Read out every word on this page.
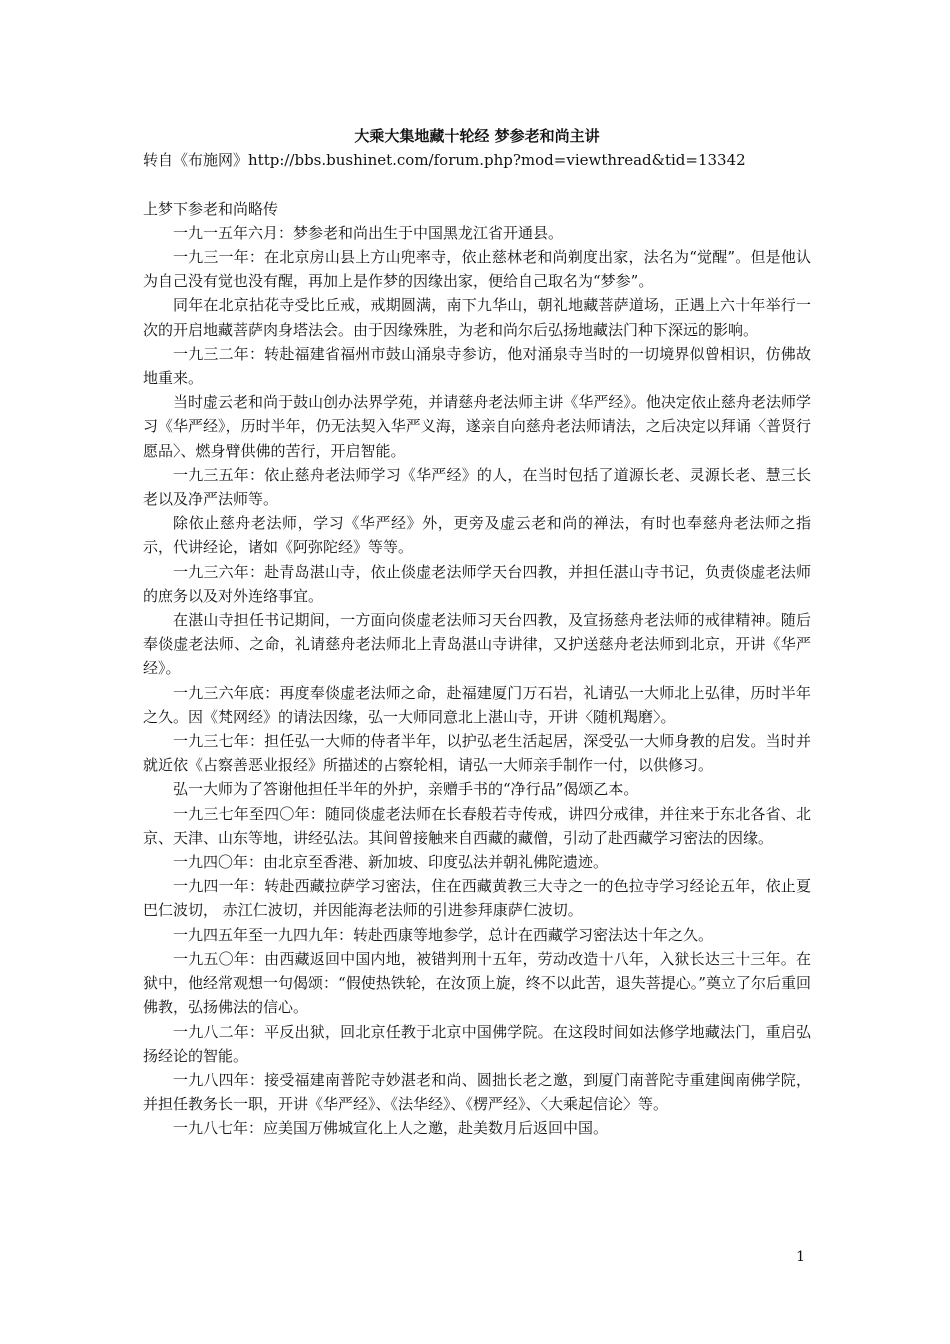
大乘大集地藏十轮经 梦参老和尚主讲

转自《布施网》http://bbs.bushinet.com/forum.php?mod=viewthread&tid=13342

上梦下参老和尚略传

一九一五年六月：梦参老和尚出生于中国黑龙江省开通县。

一九三一年：在北京房山县上方山兜率寺，依止慈林老和尚剃度出家，法名为“觉醒”。但是他认为自己没有觉也没有醒，再加上是作梦的因缘出家，便给自己取名为“梦参”。

同年在北京拈花寺受比丘戒，戒期圆满，南下九华山，朝礼地藏菩萨道场，正遇上六十年举行一次的开启地藏菩萨肉身塔法会。由于因缘殊胜，为老和尚尔后弘扬地藏法门种下深远的影响。

一九三二年：转赴福建省福州市鼓山涌泉寺参访，他对涌泉寺当时的一切境界似曾相识，仿佛故地重来。

当时虚云老和尚于鼓山创办法界学苑，并请慈舟老法师主讲《华严经》。他决定依止慈舟老法师学习《华严经》，历时半年，仍无法契入华严义海，遂亲自向慈舟老法师请法，之后决定以拜诵〈普贤行愿品〉、燃身臂供佛的苦行，开启智能。

一九三五年：依止慈舟老法师学习《华严经》的人，在当时包括了道源长老、灵源长老、慧三长老以及净严法师等。

除依止慈舟老法师，学习《华严经》外，更旁及虚云老和尚的禅法，有时也奉慈舟老法师之指示，代讲经论，诸如《阿弥陀经》等等。

一九三六年：赴青岛湛山寺，依止倓虚老法师学天台四教，并担任湛山寺书记，负责倓虚老法师的庶务以及对外连络事宜。

在湛山寺担任书记期间，一方面向倓虚老法师习天台四教，及宣扬慈舟老法师的戒律精神。随后奉倓虚老法师、之命，礼请慈舟老法师北上青岛湛山寺讲律，又护送慈舟老法师到北京，开讲《华严经》。

一九三六年底：再度奉倓虚老法师之命，赴福建厦门万石岩，礼请弘一大师北上弘律，历时半年之久。因《梵网经》的请法因缘，弘一大师同意北上湛山寺，开讲〈随机羯磨〉。

一九三七年：担任弘一大师的侍者半年，以护弘老生活起居，深受弘一大师身教的启发。当时并就近依《占察善恶业报经》所描述的占察轮相，请弘一大师亲手制作一付，以供修习。

弘一大师为了答谢他担任半年的外护，亲赠手书的“净行品”偈颂乙本。

一九三七年至四〇年：随同倓虚老法师在长春般若寺传戒，讲四分戒律，并往来于东北各省、北京、天津、山东等地，讲经弘法。其间曾接触来自西藏的藏僧，引动了赴西藏学习密法的因缘。

一九四〇年：由北京至香港、新加坡、印度弘法并朝礼佛陀遗迹。

一九四一年：转赴西藏拉萨学习密法，住在西藏黄教三大寺之一的色拉寺学习经论五年，依止夏巴仁波切， 赤江仁波切，并因能海老法师的引进参拜康萨仁波切。

一九四五年至一九四九年：转赴西康等地参学，总计在西藏学习密法达十年之久。

一九五〇年：由西藏返回中国内地，被错判刑十五年，劳动改造十八年，入狱长达三十三年。在狱中，他经常观想一句偈颂：“假使热铁轮，在汝顶上旋，终不以此苦，退失菩提心。”奠立了尔后重回佛教，弘扬佛法的信心。

一九八二年：平反出狱，回北京任教于北京中国佛学院。在这段时间如法修学地藏法门，重启弘扬经论的智能。

一九八四年：接受福建南普陀寺妙湛老和尚、圆拙长老之邀，到厦门南普陀寺重建闽南佛学院，并担任教务长一职，开讲《华严经》、《法华经》、《楞严经》、〈大乘起信论〉等。

一九八七年：应美国万佛城宣化上人之邀，赴美数月后返回中国。

1
